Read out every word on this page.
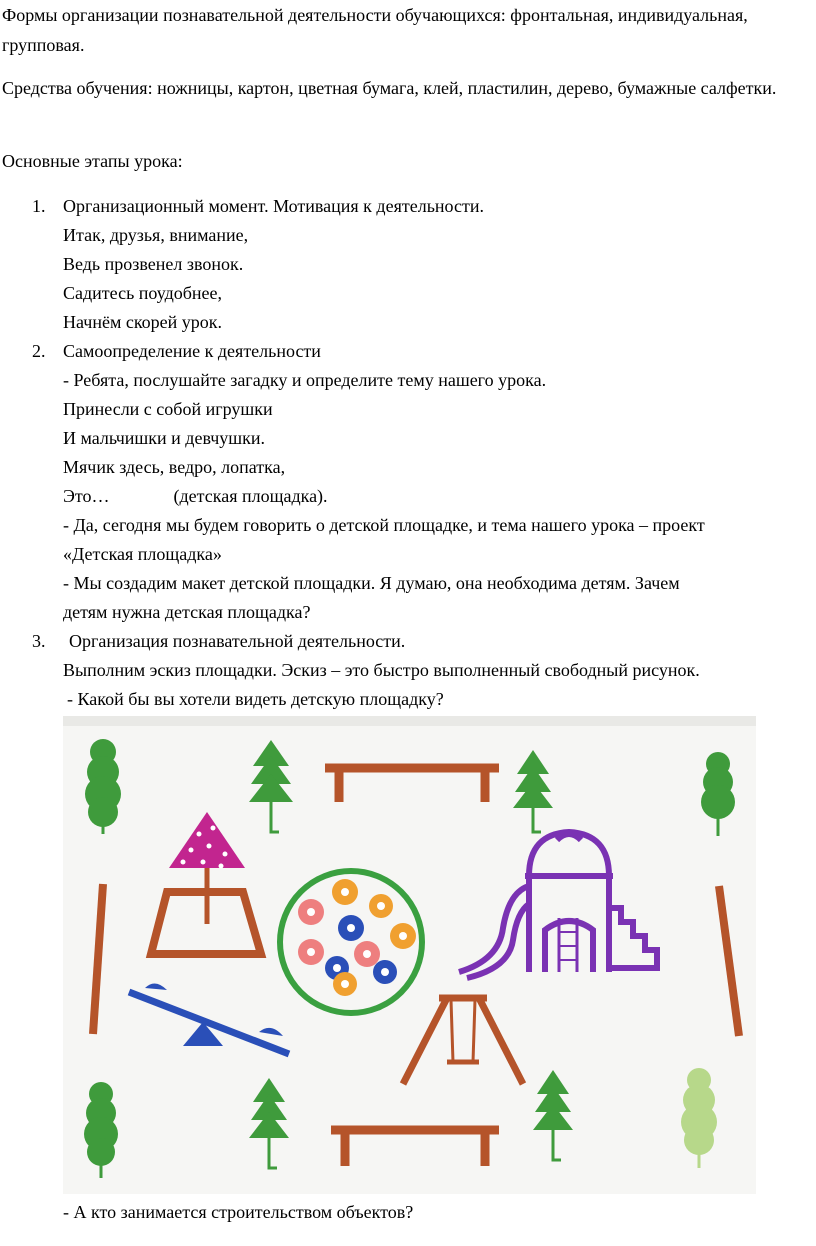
Формы организации познавательной деятельности обучающихся: фронтальная, индивидуальная, групповая.

Средства обучения: ножницы, картон, цветная бумага, клей, пластилин, дерево, бумажные салфетки.

Основные этапы урока:

1. Организационный момент. Мотивация к деятельности.
Итак, друзья, внимание,
Ведь прозвенел звонок.
Садитесь поудобнее,
Начнём скорей урок.
2. Самоопределение к деятельности
- Ребята, послушайте загадку и определите тему нашего урока.
Принесли с собой игрушки
И мальчишки и девчушки.
Мячик здесь, ведро, лопатка,
Это…	(детская площадка).
- Да, сегодня мы будем говорить о детской площадке, и тема нашего урока – проект
«Детская площадка»
- Мы создадим макет детской площадки. Я думаю, она необходима детям. Зачем
детям нужна детская площадка?
3.	Организация познавательной деятельности.
Выполним эскиз площадки. Эскиз – это быстро выполненный свободный рисунок.
- Какой бы вы хотели видеть детскую площадку?
- А кто занимается строительством объектов?
